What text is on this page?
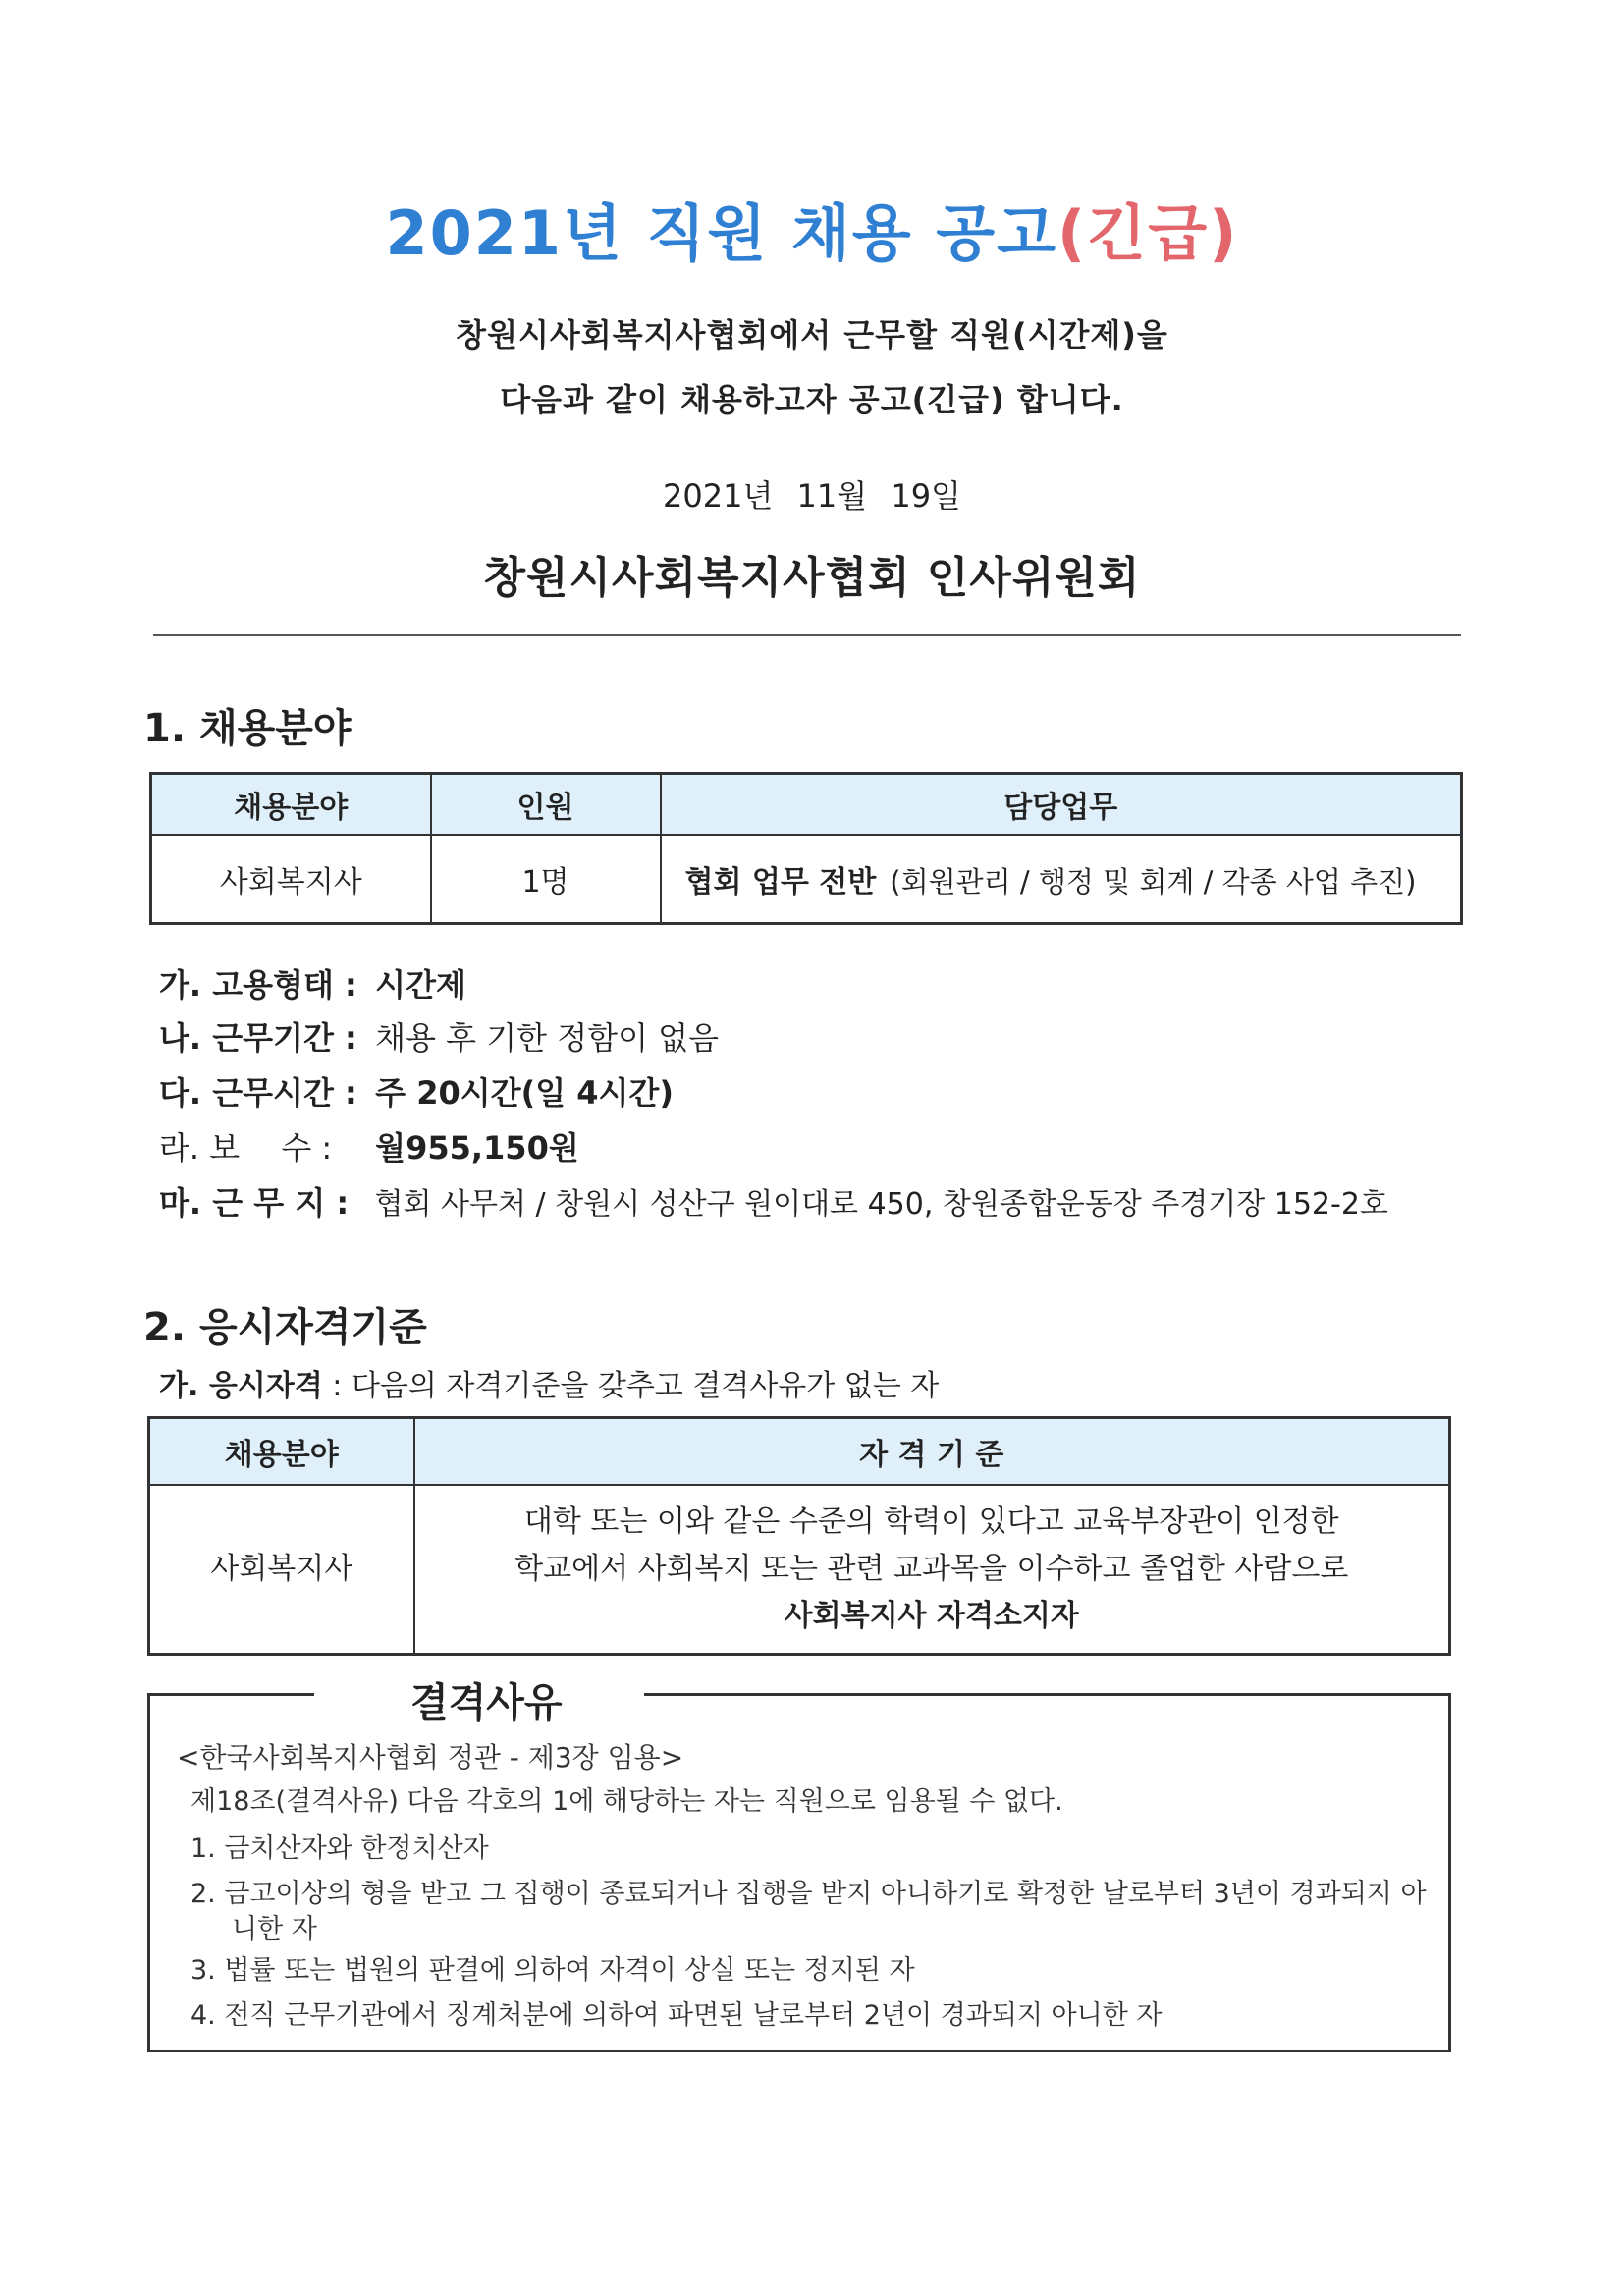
2021년 직원 채용 공고(긴급)
창원시사회복지사협회에서 근무할 직원(시간제)을
다음과 같이 채용하고자 공고(긴급) 합니다.
2021년 11월 19일
창원시사회복지사협회 인사위원회
1. 채용분야
채용분야	인원	담당업무
사회복지사	1명	협회 업무 전반 (회원관리 / 행정 및 회계 / 각종 사업 추진)
가. 고용형태 : 시간제
나. 근무기간 : 채용 후 기한 정함이 없음
다. 근무시간 : 주 20시간(일 4시간)
라. 보　 수 : 월955,150원
마. 근 무 지 : 협회 사무처 / 창원시 성산구 원이대로 450, 창원종합운동장 주경기장 152-2호
2. 응시자격기준
가. 응시자격 : 다음의 자격기준을 갖추고 결격사유가 없는 자
채용분야	자 격 기 준
사회복지사	대학 또는 이와 같은 수준의 학력이 있다고 교육부장관이 인정한
학교에서 사회복지 또는 관련 교과목을 이수하고 졸업한 사람으로
사회복지사 자격소지자
결격사유
<한국사회복지사협회 정관 - 제3장 임용>
제18조(결격사유) 다음 각호의 1에 해당하는 자는 직원으로 임용될 수 없다.
1. 금치산자와 한정치산자
2. 금고이상의 형을 받고 그 집행이 종료되거나 집행을 받지 아니하기로 확정한 날로부터 3년이 경과되지 아
니한 자
3. 법률 또는 법원의 판결에 의하여 자격이 상실 또는 정지된 자
4. 전직 근무기관에서 징계처분에 의하여 파면된 날로부터 2년이 경과되지 아니한 자
